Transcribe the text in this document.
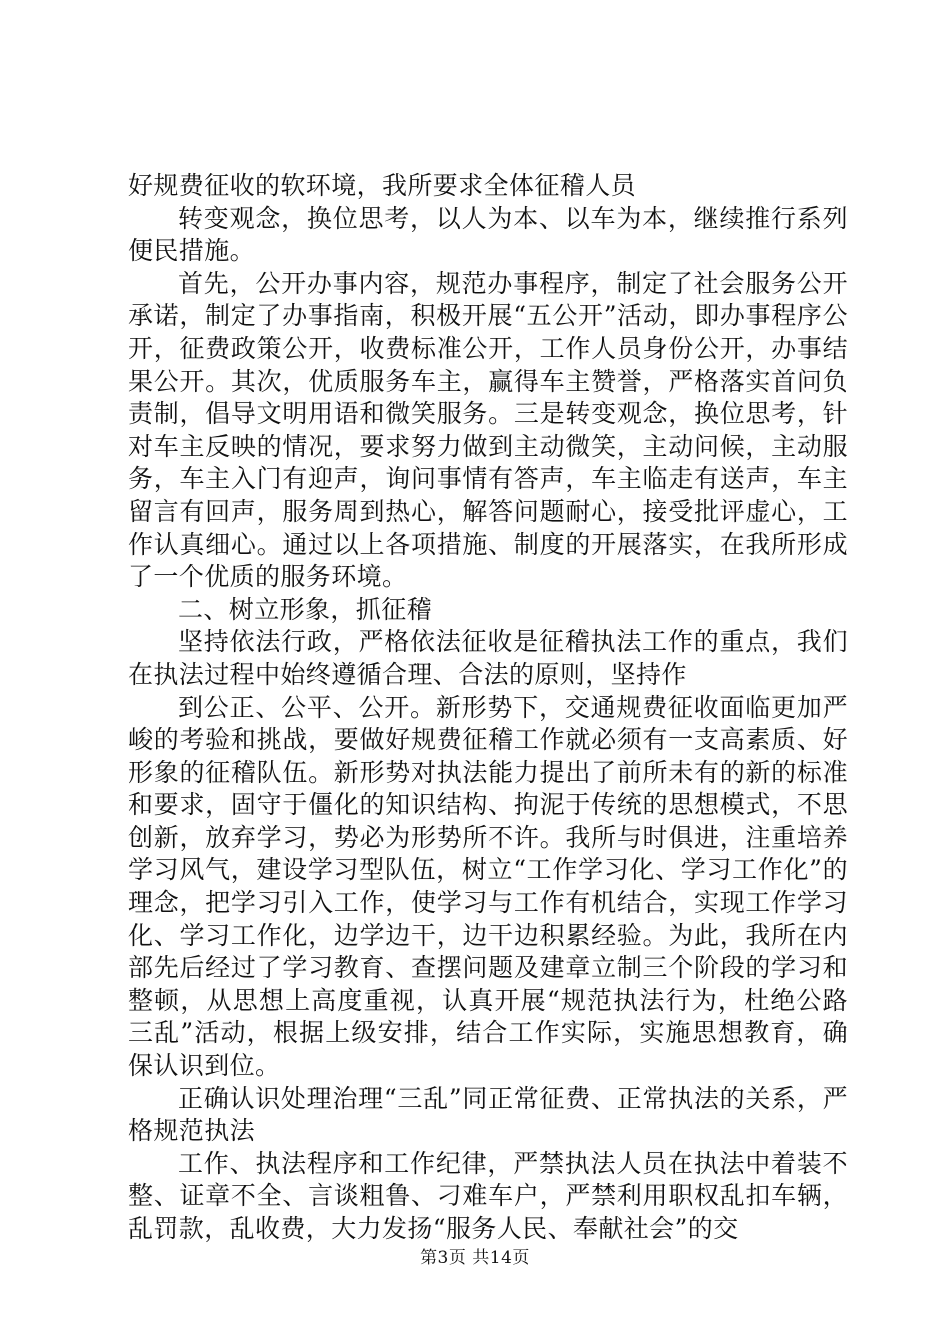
好规费征收的软环境，我所要求全体征稽人员

转变观念，换位思考，以人为本、以车为本，继续推行系列便民措施。

首先，公开办事内容，规范办事程序，制定了社会服务公开承诺，制定了办事指南，积极开展“五公开”活动，即办事程序公开，征费政策公开，收费标准公开，工作人员身份公开，办事结果公开。其次，优质服务车主，赢得车主赞誉，严格落实首问负责制，倡导文明用语和微笑服务。三是转变观念，换位思考，针对车主反映的情况，要求努力做到主动微笑，主动问候，主动服务，车主入门有迎声，询问事情有答声，车主临走有送声，车主留言有回声，服务周到热心，解答问题耐心，接受批评虚心，工作认真细心。通过以上各项措施、制度的开展落实，在我所形成了一个优质的服务环境。

二、树立形象，抓征稽

坚持依法行政，严格依法征收是征稽执法工作的重点，我们在执法过程中始终遵循合理、合法的原则，坚持作

到公正、公平、公开。新形势下，交通规费征收面临更加严峻的考验和挑战，要做好规费征稽工作就必须有一支高素质、好形象的征稽队伍。新形势对执法能力提出了前所未有的新的标准和要求，固守于僵化的知识结构、拘泥于传统的思想模式，不思创新，放弃学习，势必为形势所不许。我所与时俱进，注重培养学习风气，建设学习型队伍，树立“工作学习化、学习工作化”的理念，把学习引入工作，使学习与工作有机结合，实现工作学习化、学习工作化，边学边干，边干边积累经验。为此，我所在内部先后经过了学习教育、查摆问题及建章立制三个阶段的学习和整顿，从思想上高度重视，认真开展“规范执法行为，杜绝公路三乱”活动，根据上级安排，结合工作实际，实施思想教育，确保认识到位。

正确认识处理治理“三乱”同正常征费、正常执法的关系，严格规范执法

工作、执法程序和工作纪律，严禁执法人员在执法中着装不整、证章不全、言谈粗鲁、刁难车户，严禁利用职权乱扣车辆，乱罚款，乱收费，大力发扬“服务人民、奉献社会”的交

第3页 共14页
